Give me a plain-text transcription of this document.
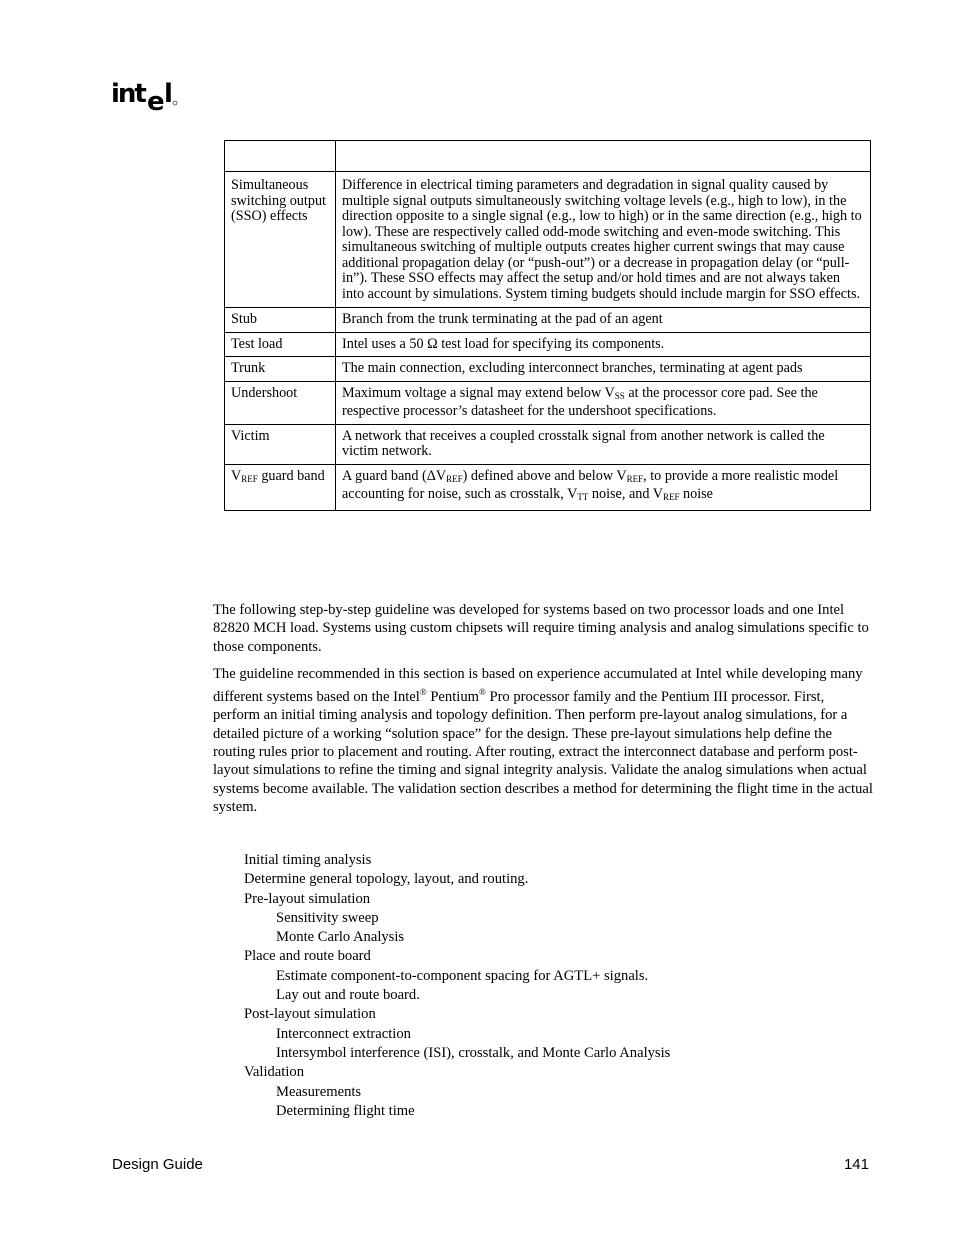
int e l

Simultaneous switching output (SSO) effects	Difference in electrical timing parameters and degradation in signal quality caused by multiple signal outputs simultaneously switching voltage levels (e.g., high to low), in the direction opposite to a single signal (e.g., low to high) or in the same direction (e.g., high to low). These are respectively called odd-mode switching and even-mode switching. This simultaneous switching of multiple outputs creates higher current swings that may cause additional propagation delay (or “push-out”) or a decrease in propagation delay (or “pull-in”). These SSO effects may affect the setup and/or hold times and are not always taken into account by simulations. System timing budgets should include margin for SSO effects.
Stub	Branch from the trunk terminating at the pad of an agent
Test load	Intel uses a 50 Ω test load for specifying its components.
Trunk	The main connection, excluding interconnect branches, terminating at agent pads
Undershoot	Maximum voltage a signal may extend below $V_{SS}$ at the processor core pad. See the respective processor’s datasheet for the undershoot specifications.
Victim	A network that receives a coupled crosstalk signal from another network is called the victim network.
$V_{REF}$ guard band	A guard band $(\Delta V_{REF})$ defined above and below $V_{REF}$, to provide a more realistic model accounting for noise, such as crosstalk, $V_{TT}$ noise, and $V_{REF}$ noise

The following step-by-step guideline was developed for systems based on two processor loads and one Intel 82820 MCH load. Systems using custom chipsets will require timing analysis and analog simulations specific to those components.

The guideline recommended in this section is based on experience accumulated at Intel while developing many different systems based on the Intel® Pentium® Pro processor family and the Pentium III processor. First, perform an initial timing analysis and topology definition. Then perform pre-layout analog simulations, for a detailed picture of a working “solution space” for the design. These pre-layout simulations help define the routing rules prior to placement and routing. After routing, extract the interconnect database and perform post-layout simulations to refine the timing and signal integrity analysis. Validate the analog simulations when actual systems become available. The validation section describes a method for determining the flight time in the actual system.

Initial timing analysis
Determine general topology, layout, and routing.
Pre-layout simulation
Sensitivity sweep
Monte Carlo Analysis
Place and route board
Estimate component-to-component spacing for AGTL+ signals.
Lay out and route board.
Post-layout simulation
Interconnect extraction
Intersymbol interference (ISI), crosstalk, and Monte Carlo Analysis
Validation
Measurements
Determining flight time
Design Guide	141
